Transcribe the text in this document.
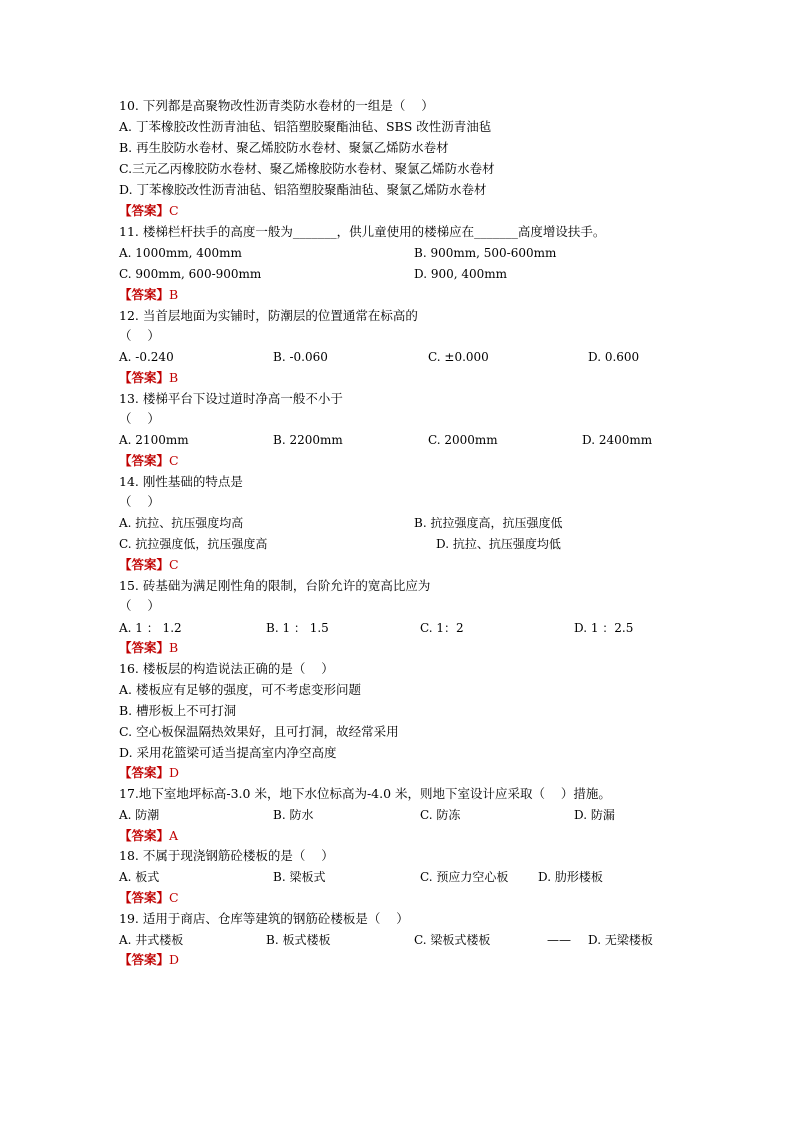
10. 下列都是高聚物改性沥青类防水卷材的一组是（    ）
A. 丁苯橡胶改性沥青油毡、铝箔塑胶聚酯油毡、SBS 改性沥青油毡
B. 再生胶防水卷材、聚乙烯胶防水卷材、聚氯乙烯防水卷材
C.三元乙丙橡胶防水卷材、聚乙烯橡胶防水卷材、聚氯乙烯防水卷材
D. 丁苯橡胶改性沥青油毡、铝箔塑胶聚酯油毡、聚氯乙烯防水卷材
【答案】C
11. 楼梯栏杆扶手的高度一般为_______，供儿童使用的楼梯应在_______高度增设扶手。
A. 1000mm, 400mm	B. 900mm, 500-600mm
C. 900mm, 600-900mm	D. 900, 400mm
【答案】B
12. 当首层地面为实铺时，防潮层的位置通常在标高的
（    ）
A. -0.240	B. -0.060	C. ±0.000	D. 0.600
【答案】B
13. 楼梯平台下设过道时净高一般不小于
（    ）
A. 2100mm	B. 2200mm	C. 2000mm	D. 2400mm
【答案】C
14. 刚性基础的特点是
（    ）
A. 抗拉、抗压强度均高	B. 抗拉强度高，抗压强度低
C. 抗拉强度低，抗压强度高	D. 抗拉、抗压强度均低
【答案】C
15. 砖基础为满足刚性角的限制，台阶允许的宽高比应为
（    ）
A. 1 ： 1.2	B. 1 ： 1.5	C. 1：2	D. 1 ：2.5
【答案】B
16. 楼板层的构造说法正确的是（    ）
A. 楼板应有足够的强度，可不考虑变形问题
B. 槽形板上不可打洞
C. 空心板保温隔热效果好，且可打洞，故经常采用
D. 采用花篮梁可适当提高室内净空高度
【答案】D
17.地下室地坪标高-3.0 米，地下水位标高为-4.0 米，则地下室设计应采取（    ）措施。
A. 防潮	B. 防水	C. 防冻	D. 防漏
【答案】A
18. 不属于现浇钢筋砼楼板的是（    ）
A. 板式	B. 梁板式	C. 预应力空心板 D. 肋形楼板
【答案】C
19. 适用于商店、仓库等建筑的钢筋砼楼板是（    ）
A. 井式楼板	B. 板式楼板	C. 梁板式楼板	—— D. 无梁楼板
【答案】D
